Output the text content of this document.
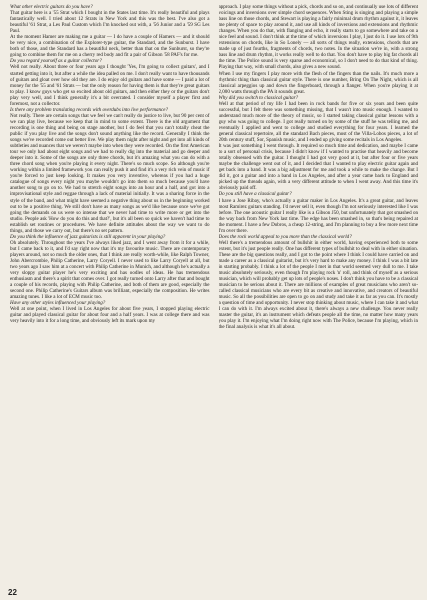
What other electric guitars do you have?

That guitar here is a '55 Strat which I bought in the States last time. It's really beautiful and plays fantastically well. I tried about 12 Strats in New York and this was the best. I've also got a beautiful '61 Strat, a Les Paul Custom which I'm knocked out with, a '56 Junior and a '59 SG Les Paul.

At the moment Hamer are making me a guitar — I do have a couple of Hamers — and it should be very nice, a combination of the Explorer-type guitar, the Standard, and the Sunburst. I have both of those, and the Standard has a beautiful neck, better than that on the Sunburst, so they're going to combine them for me on a cherry red body and fit a pair of Gibson '58 PAF's for me.

Do you regard yourself as a guitar collector?

Well not really. About three or four years ago I thought 'Yes, I'm going to collect guitars', and I started getting into it, but after a while the idea palled on me. I don't really want to have thousands of guitars and gloat over how old they are. I do enjoy old guitars and have some — I paid a lot of money for the '55 and '61 Strats — but the only reason for having them is that they're great guitars to play. I know guys who get so excited about old guitars, and then either they or the guitars don't play very well, and I think generally it's a bit overrated. I consider myself a player first and foremost, not a collector.

Is there any problem translating records with overdubs into live performance?

Not really. There are certain songs that we feel we can't really do justice to live, but 90 per cent of we can play live, because we keep that in mind to some extent. There is the old argument that recording is one thing and being on stage another, but I do feel that you can't totally cheat the public if you play live and the songs don't sound anything like the record. Generally I think the songs we've recorded come out better live. We play them night after night and get into all kinds of subtleties and nuances that we weren't maybe into when they were recorded. On the first American tour we only had about eight songs and we had to really dig into the material and go deeper and deeper into it. Some of the songs are only three chords, but it's amazing what you can do with a three chord song when you're playing it every night. There's so much scope. So although you're working within a limited framework you can really push it and find it's a very rich vein of music if you're forced to just keep looking. It makes you very inventive, whereas if you had a huge catalogue of songs every night you maybe wouldn't go into them so much because you'd have another song to go on to. We had to stretch eight songs into an hour and a half, and got into a improvisational style and reggae through a lack of material initially. It was a sharing force in the style of the band, and what might have seemed a negative thing about us in the beginning worked out to be a positive thing. We still don't have as many songs as we'd like because once we've got going the demands on us were so intense that we never had time to write more or get into the studio. People ask 'How do you do this and that?', but it's all been so quick we haven't had time to establish set routines or procedures. We have definite attitudes about the way we want to do things, and those we carry out, but there's no set pattern.

Do you think the influence of jazz guitarists is still apparent in your playing?

Oh absolutely. Throughout the years I've always liked jazz, and I went away from it for a while, but I came back to it, and I'd say right now that it's my favourite music. There are contemporary players around, not so much the older ones, that I think are really worth-while, like Ralph Towner, John Abercrombie, Philip Catherine, Larry Coryell. I never used to like Larry Coryell at all, but two years ago I saw him at a concert with Philip Catherine in Munich, and although he's actually a very sloppy guitar player he's very exciting and has oodles of ideas. He has tremendous enthusiasm and there's a spirit that comes over. I got really turned onto Larry after that and bought a couple of his records, playing with Philip Catherine, and both of them are good, especially the second one. Philip Catherine's Guitars album was brilliant, especially the composition. He writes amazing tunes. I like a lot of ECM music too.

Have any other styles influenced your playing?

Well at one point, when I lived in Los Angeles for about five years, I stopped playing electric guitar and played classical guitar for about four and a half years. I was at college there and was very heavily into it for a long time, and obviously left its mark upon my

approach. I play some things without a pick, chords and so on, and continually use lots of different voicings and inversions over simple chord sequences. When Sting is singing and playing a simple bass line on those chords, and Stewart is playing a fairly minimal drum rhythm against it, it leaves me plenty of space to play around it, and use all kinds of inversions and extensions and rhythmic changes. When you do that, with flanging and echo, it really starts to go somewhere and take on a nice feel and sound. I don't think at the time of which inversions I play, I just do it. I use lots of 9th extensions on chords, like in So Lonely — all sorts of things really, extensions, chords that are made up of just fourths, fragments of chords, two notes. In the situation we're in, with a strong bass line and drum rhythm, it works really well to do that. You don't have to play big fat chords all the time. The Police sound is very sparse and economical, so I don't need to do that kind of thing. Playing that way, with small chords, also gives a new sound.

When I use my fingers I play more with the flesh of the fingers than the nails. It's much more a rhythmic thing than classical guitar style. There is one number, Bring On The Night, which is all classical arpeggios up and down the fingerboard, through a flanger. When you're playing it at 2,000 watts through the PA it sounds great.

Why did you switch to classical guitar?

Well at that period of my life I had been in rock bands for five or six years and been quite successful, but I felt there was something missing, that I wasn't into music enough. I wanted to understand much more of the theory of music, so I started taking classical guitar lessons with a guy who was going to college. I got really turned on by some of the stuff he was telling me, and eventually I applied and went to college and studied everything for four years. I learned the general classical repertoire, all the standard Bach pieces, most of the Villa-Lobos pieces, a lot of 20th century stuff, Sor, Spanish music, and I ended up giving some recitals in Los Angeles.

It was just something I went through. It required so much time and dedication, and maybe I came to a sort of personal crisis, because I didn't know if I wanted to practise that heavily and become totally obsessed with the guitar. I thought I had got very good at it, but after four or five years maybe the challenge went out of it, and I decided that I wanted to play electric guitar again and get back into a band. It was a big adjustment for me and took a while to make the change. But I did it, got a guitar and into a band in Los Angeles, and after a year came back to England and picked up the threads again, with a very different attitude to when I went away. And this time it's obviously paid off.

Do you still have a classical guitar?

I have a Jose Ribay, who's actually a guitar maker in Los Angeles. It's a great guitar, and leaves most Ramirez guitars standing. I'd never sell it, even though I'm not seriously interested like I was before. The one acoustic guitar I really like is a Gibson J50, but unfortunately that got smashed on the way back from New York last time. The edge has been smashed in, so that's being repaired at the moment. I have a few Dobros, a cheap 12-string, and I'm planning to buy a few more next time I'm over there.

Does the rock world appeal to you more than the classical world?

Well there's a tremendous amount of bullshit in either world, having experienced both to some extent, but it's just people really. One has different types of bullshit to deal with in either situation. These are the big questions really, and I got to the point where I think I could have carried on and made a career as a classical guitarist, but it's very hard to make any money. I think I was a bit late in starting probably. I think a lot of the people I met in that world seemed very dull to me. I take music absolutely seriously, even though I'm playing rock 'n' roll, and think of myself as a serious musician, which will probably get up lots of people's noses. I don't think you have to be a classical musician to be serious about it. There are millions of examples of great musicians who aren't so-called classical musicians who are every bit as creative and innovative, and creators of beautiful music. So all the possibilities are open to go on and study and take it as far as you can. It's mostly a question of time and opportunity. I never stop thinking about music, where I can take it and what I can do with it. I'm always excited about it, there's always a new challenge. You never really master the guitar, it's an instrument which defeats people all the time, no matter how many years you play it. I'm enjoying what I'm doing right now with The Police, because I'm playing, which in the final analysis is what it's all about.

22
